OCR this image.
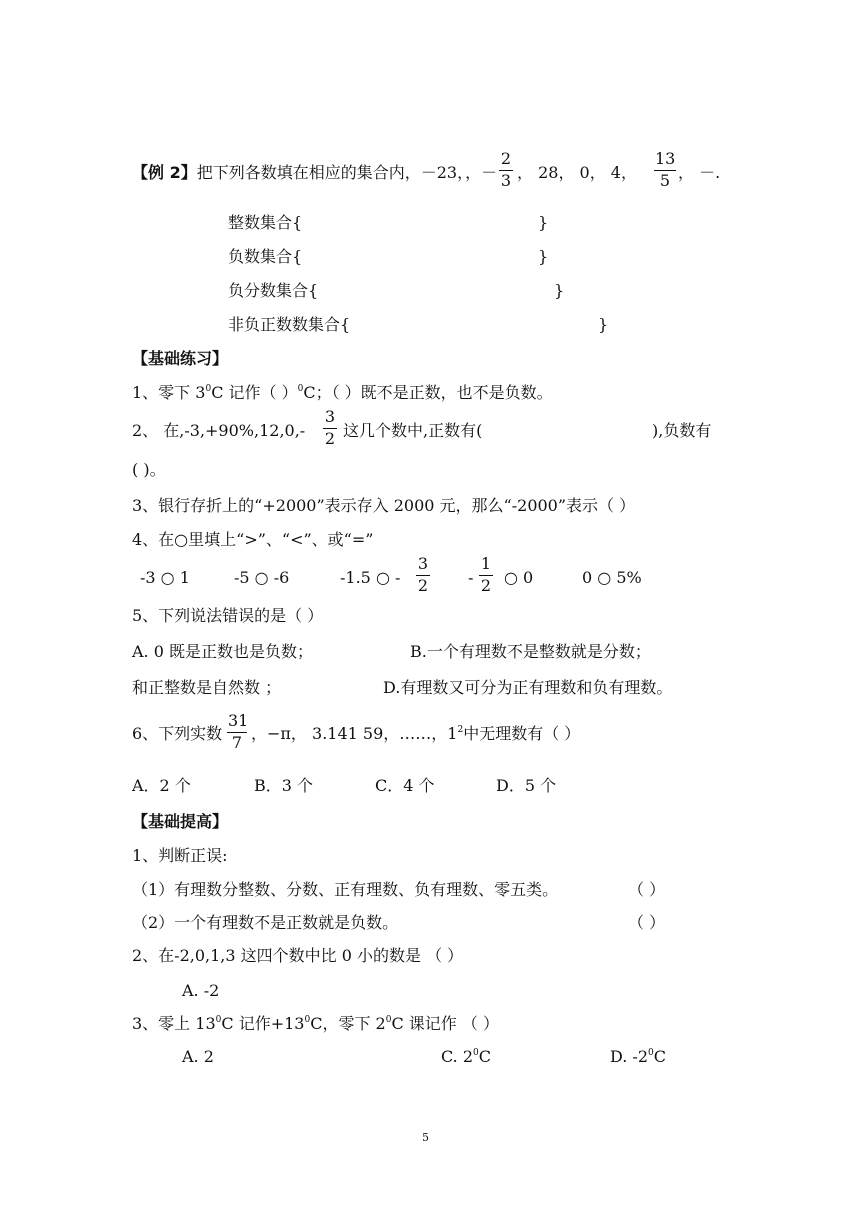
【例 2】把下列各数填在相应的集合内，－23，，－ $\frac{2}{3}$ ， 28， 0， 4， $\frac{13}{5}$ ， －.
整数集合{	}
负数集合{	}
负分数集合{	}
非负正数数集合{	}
【基础练习】
1、零下 $3^0C$ 记作（ ）$^0$C；（ ）既不是正数，也不是负数。
2、 在$,-3,+90\%,12,0,- \frac{3}{2}$ 这几个数中,正数有(	),负数有
( )。
3、银行存折上的“+2000”表示存入 2000 元，那么“-2000”表示（ ）
4、在○里填上“>”、“<”、或“=”
-3 ○ 1	-5 ○ -6	-1.5 ○ - $\frac{3}{2} - \frac{1}{2}$ ○ 0	0 ○ 5%
5、下列说法错误的是（ ）
A. 0 既是正数也是负数；	B.一个有理数不是整数就是分数；
和正整数是自然数 ；	D.有理数又可分为正有理数和负有理数。
6、下列实数 $\frac{31}{7}$ ，−π， 3.141 59，……，$1^2$中无理数有（ ）
A．2 个	B．3 个	C．4 个	D．5 个
【基础提高】
1、判断正误:
（1）有理数分整数、分数、正有理数、负有理数、零五类。	（ ）
（2）一个有理数不是正数就是负数。	（ ）
2、在-2,0,1,3 这四个数中比 0 小的数是 （ ）
A. -2
3、零上 $13^0C$ 记作$+13^0C$，零下 $2^0C$ 课记作 （ ）
A. 2	C. $2^0C$	D. $-2^0C$
5
